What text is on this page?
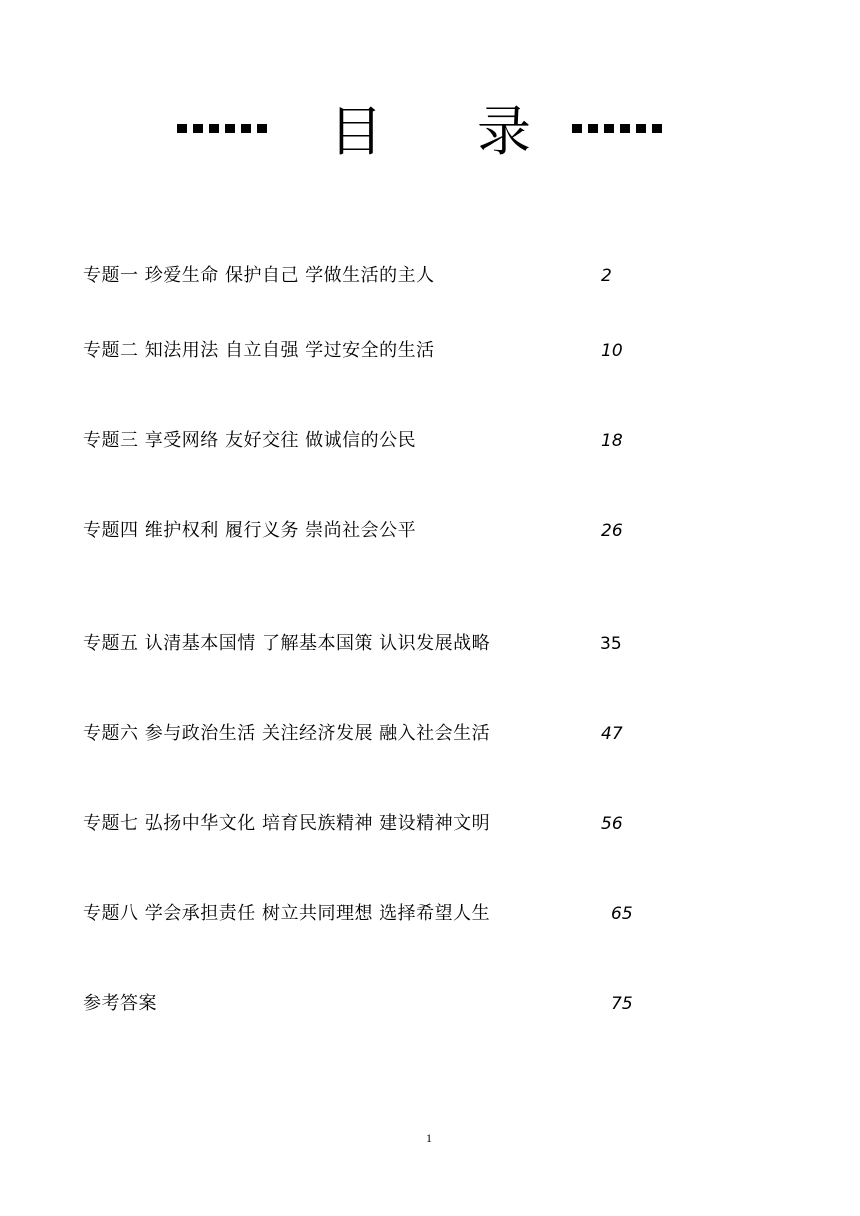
目 录
专题一 珍爱生命 保护自己 学做生活的主人	2
专题二 知法用法 自立自强 学过安全的生活	10
专题三 享受网络 友好交往 做诚信的公民	18
专题四 维护权利 履行义务 崇尚社会公平	26
专题五 认清基本国情 了解基本国策 认识发展战略	35
专题六 参与政治生活 关注经济发展 融入社会生活	47
专题七 弘扬中华文化 培育民族精神 建设精神文明	56
专题八 学会承担责任 树立共同理想 选择希望人生	65
参考答案	75
1
